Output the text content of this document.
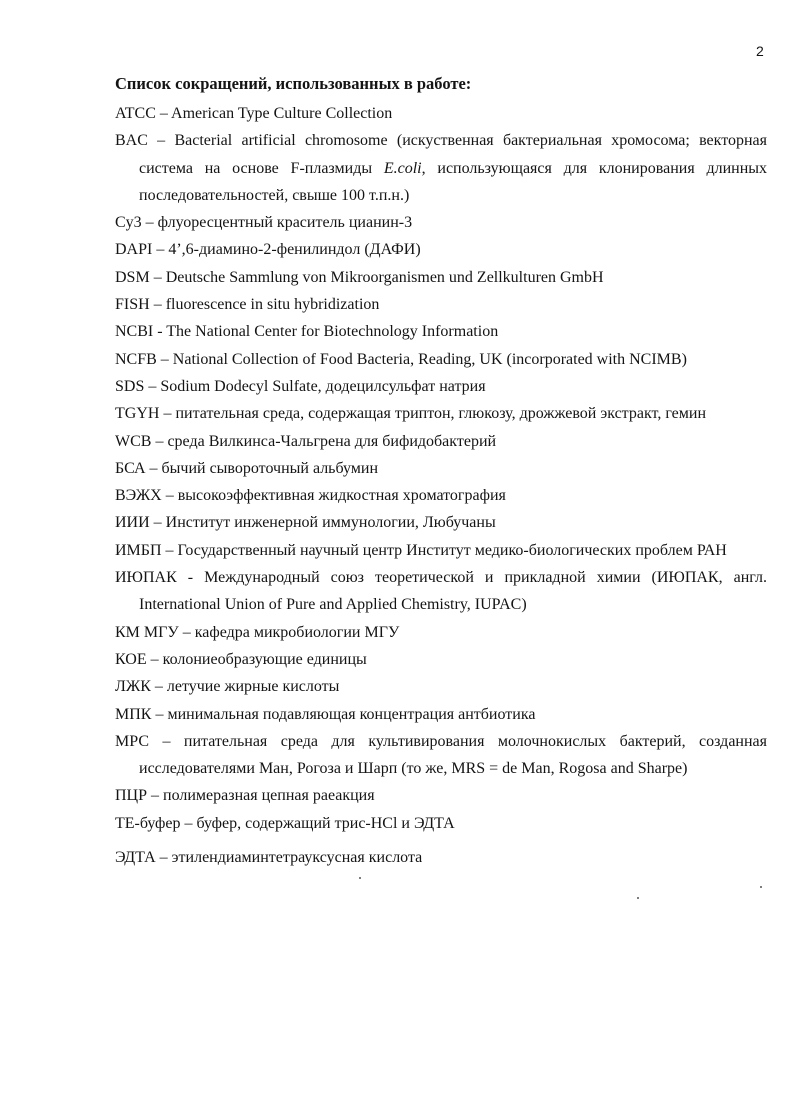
2

Список сокращений, использованных в работе:

ATCC – American Type Culture Collection
BAC – Bacterial artificial chromosome (искуственная бактериальная хромосома; векторная система на основе F-плазмиды E.coli, использующаяся для клонирования длинных последовательностей, свыше 100 т.п.н.)
Cy3 – флуоресцентный краситель цианин-3
DAPI – 4’,6-диамино-2-фенилиндол (ДАФИ)
DSM – Deutsche Sammlung von Mikroorganismen und Zellkulturen GmbH
FISH – fluorescence in situ hybridization
NCBI - The National Center for Biotechnology Information
NCFB – National Collection of Food Bacteria, Reading, UK (incorporated with NCIMB)
SDS – Sodium Dodecyl Sulfate, додецилсульфат натрия
TGYH – питательная среда, содержащая триптон, глюкозу, дрожжевой экстракт, гемин
WCB – среда Вилкинса-Чальгрена для бифидобактерий
БСА – бычий сывороточный альбумин
ВЭЖХ – высокоэффективная жидкостная хроматография
ИИИ – Институт инженерной иммунологии, Любучаны
ИМБП – Государственный научный центр Институт медико-биологических проблем РАН
ИЮПАК - Международный союз теоретической и прикладной химии (ИЮПАК, англ. International Union of Pure and Applied Chemistry, IUPAC)
КМ МГУ – кафедра микробиологии МГУ
КОЕ – колониеобразующие единицы
ЛЖК – летучие жирные кислоты
МПК – минимальная подавляющая концентрация антбиотика
МРС – питательная среда для культивирования молочнокислых бактерий, созданная исследователями Ман, Рогоза и Шарп (то же, MRS = de Man, Rogosa and Sharpe)
ПЦР – полимеразная цепная раеакция
ТЕ-буфер – буфер, содержащий трис-HCl и ЭДТА
ЭДТА – этилендиаминтетрауксусная кислота
